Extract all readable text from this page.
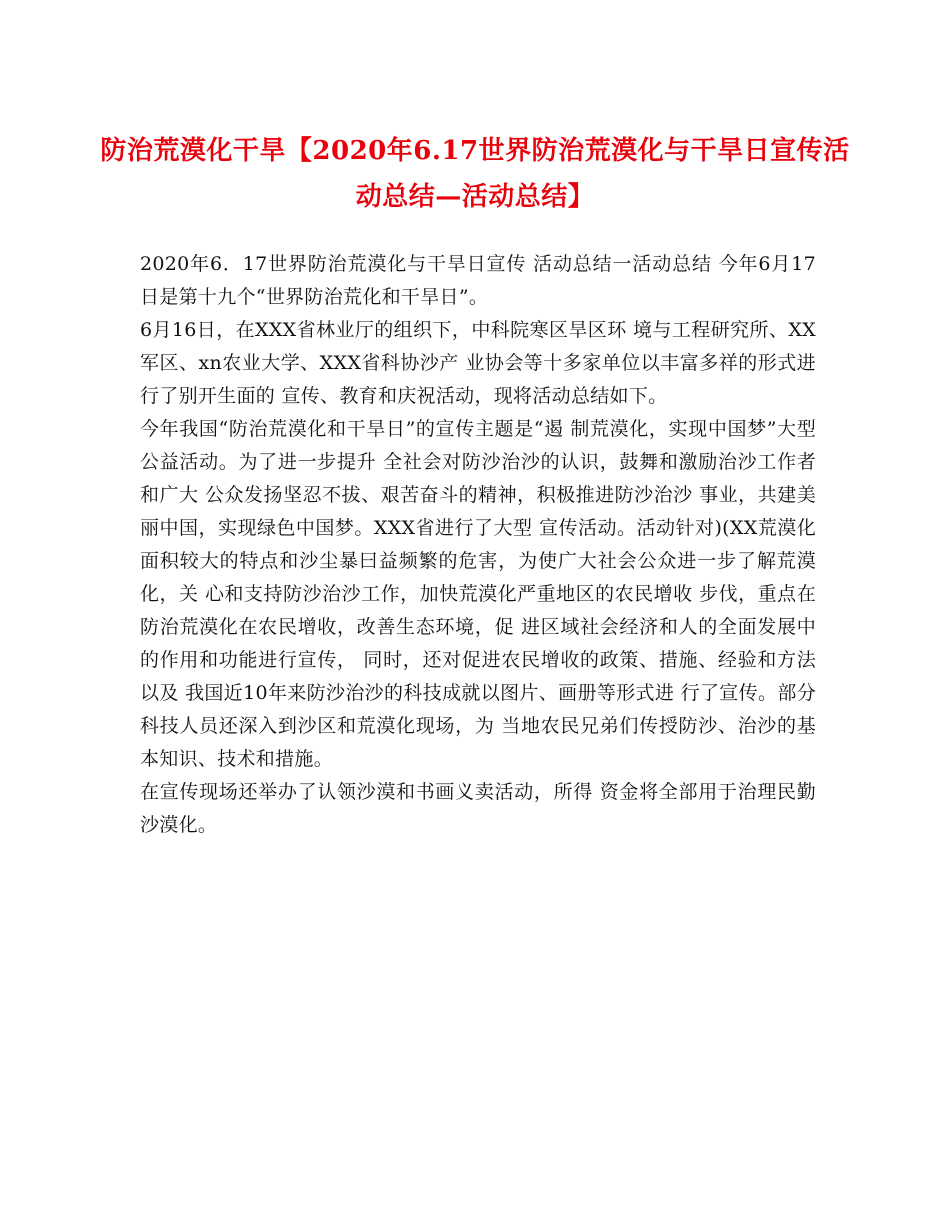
防治荒漠化干旱【2020年6.17世界防治荒漠化与干旱日宣传活动总结—活动总结】

2020年6．17世界防治荒漠化与干旱日宣传 活动总结一活动总结 今年6月17日是第十九个“世界防治荒化和干旱日”。

6月16日，在XXX省林业厅的组织下，中科院寒区旱区环 境与工程研究所、XX军区、xn农业大学、XXX省科协沙产 业协会等十多家单位以丰富多祥的形式进行了别开生面的 宣传、教育和庆祝活动，现将活动总结如下。

今年我国“防治荒漠化和干旱日”的宣传主题是“遏 制荒漠化，实现中国梦”大型公益活动。为了进一步提升 全社会对防沙治沙的认识，鼓舞和激励治沙工作者和广大 公众发扬坚忍不拔、艰苦奋斗的精神，积极推进防沙治沙 事业，共建美丽中国，实现绿色中国梦。XXX省进行了大型 宣传活动。活动针对)(XX荒漠化面积较大的特点和沙尘暴曰益频繁的危害，为使广大社会公众进一步了解荒漠化，关 心和支持防沙治沙工作，加快荒漠化严重地区的农民增收 步伐，重点在防治荒漠化在农民增收，改善生态环境，促 进区域社会经济和人的全面发展中的作用和功能进行宣传， 同时，还对促进农民增收的政策、措施、经验和方法以及 我国近10年来防沙治沙的科技成就以图片、画册等形式进 行了宣传。部分科技人员还深入到沙区和荒漠化现场，为 当地农民兄弟们传授防沙、治沙的基本知识、技术和措施。

在宣传现场还举办了认领沙漠和书画义卖活动，所得 资金将全部用于治理民勤沙漠化。
